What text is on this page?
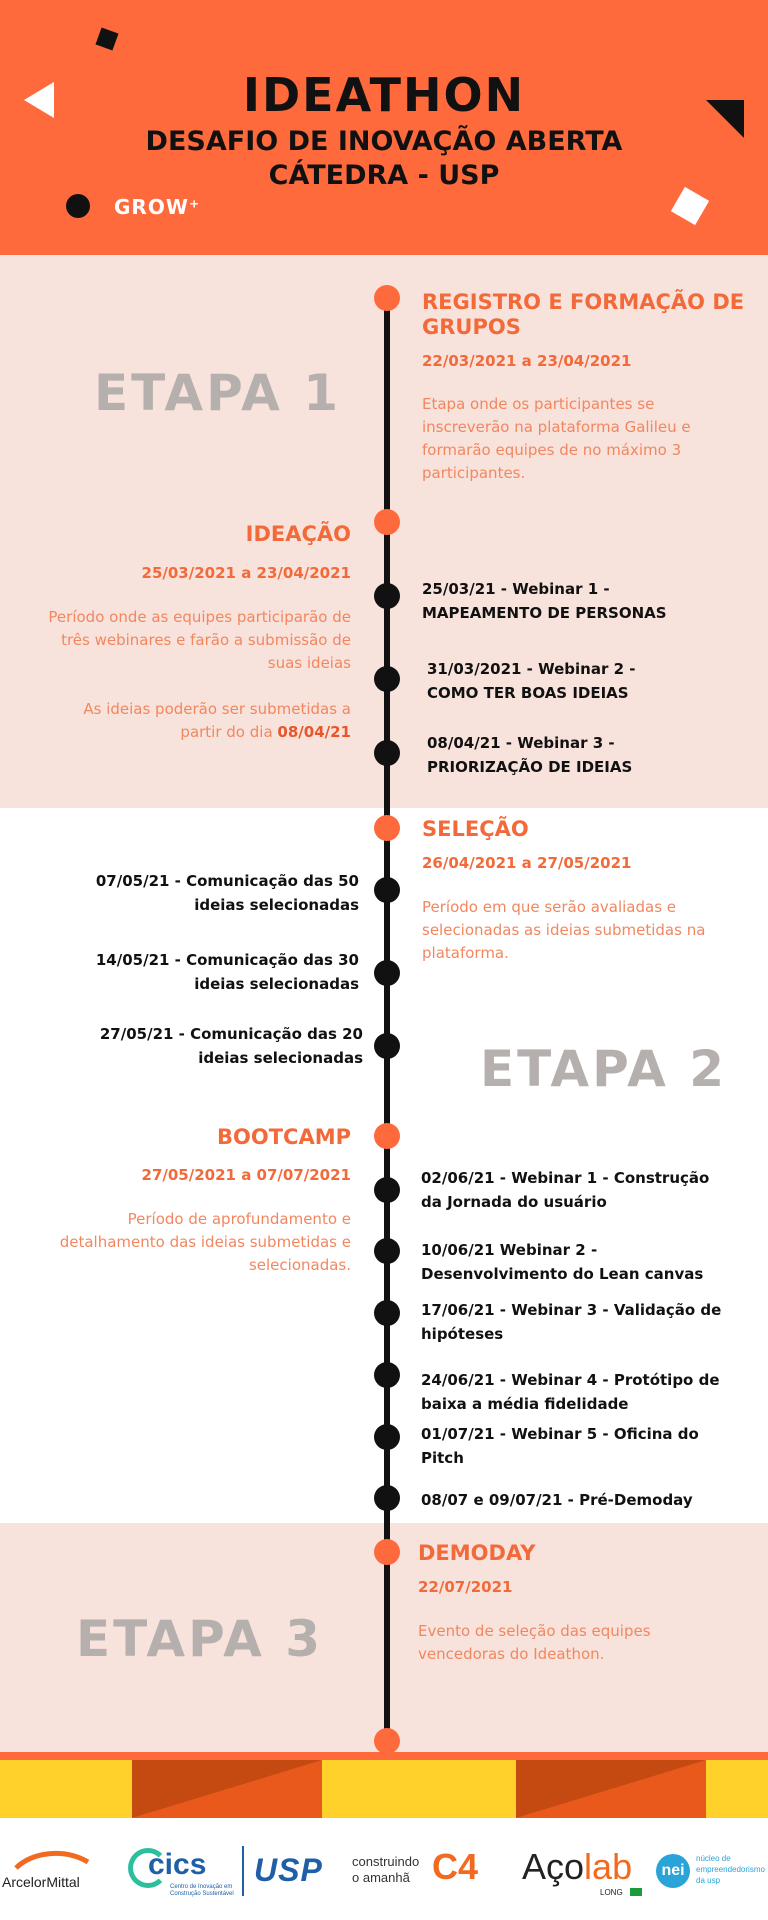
IDEATHON
DESAFIO DE INOVAÇÃO ABERTA
CÁTEDRA - USP
GROW⁺
ETAPA 1
ETAPA 2
ETAPA 3
REGISTRO E FORMAÇÃO DE
GRUPOS
22/03/2021 a 23/04/2021
Etapa onde os participantes se
inscreverão na plataforma Galileu e
formarão equipes de no máximo 3
participantes.
IDEAÇÃO
25/03/2021 a 23/04/2021
Período onde as equipes participarão de
três webinares e farão a submissão de
suas ideias
As ideias poderão ser submetidas a
partir do dia 08/04/21
25/03/21 - Webinar 1 -
MAPEAMENTO DE PERSONAS
31/03/2021 - Webinar 2 -
COMO TER BOAS IDEIAS
08/04/21 - Webinar 3 -
PRIORIZAÇÃO DE IDEIAS
SELEÇÃO
26/04/2021 a 27/05/2021
Período em que serão avaliadas e
selecionadas as ideias submetidas na
plataforma.
07/05/21 - Comunicação das 50
ideias selecionadas
14/05/21 - Comunicação das 30
ideias selecionadas
27/05/21 - Comunicação das 20
ideias selecionadas
BOOTCAMP
27/05/2021 a 07/07/2021
Período de aprofundamento e
detalhamento das ideias submetidas e
selecionadas.
02/06/21 - Webinar 1 - Construção
da Jornada do usuário
10/06/21 Webinar 2 -
Desenvolvimento do Lean canvas
17/06/21 - Webinar 3 - Validação de
hipóteses
24/06/21 - Webinar 4 - Protótipo de
baixa a média fidelidade
01/07/21 - Webinar 5 - Oficina do
Pitch
08/07 e 09/07/21 - Pré-Demoday
DEMODAY
22/07/2021
Evento de seleção das equipes
vencedoras do Ideathon.
ArcelorMittal
cics
Centro de Inovação em
Construção Sustentável
USP construindo
o amanhã C4 Açolab
LONG
nei
núcleo de
empreendedorismo
da usp
